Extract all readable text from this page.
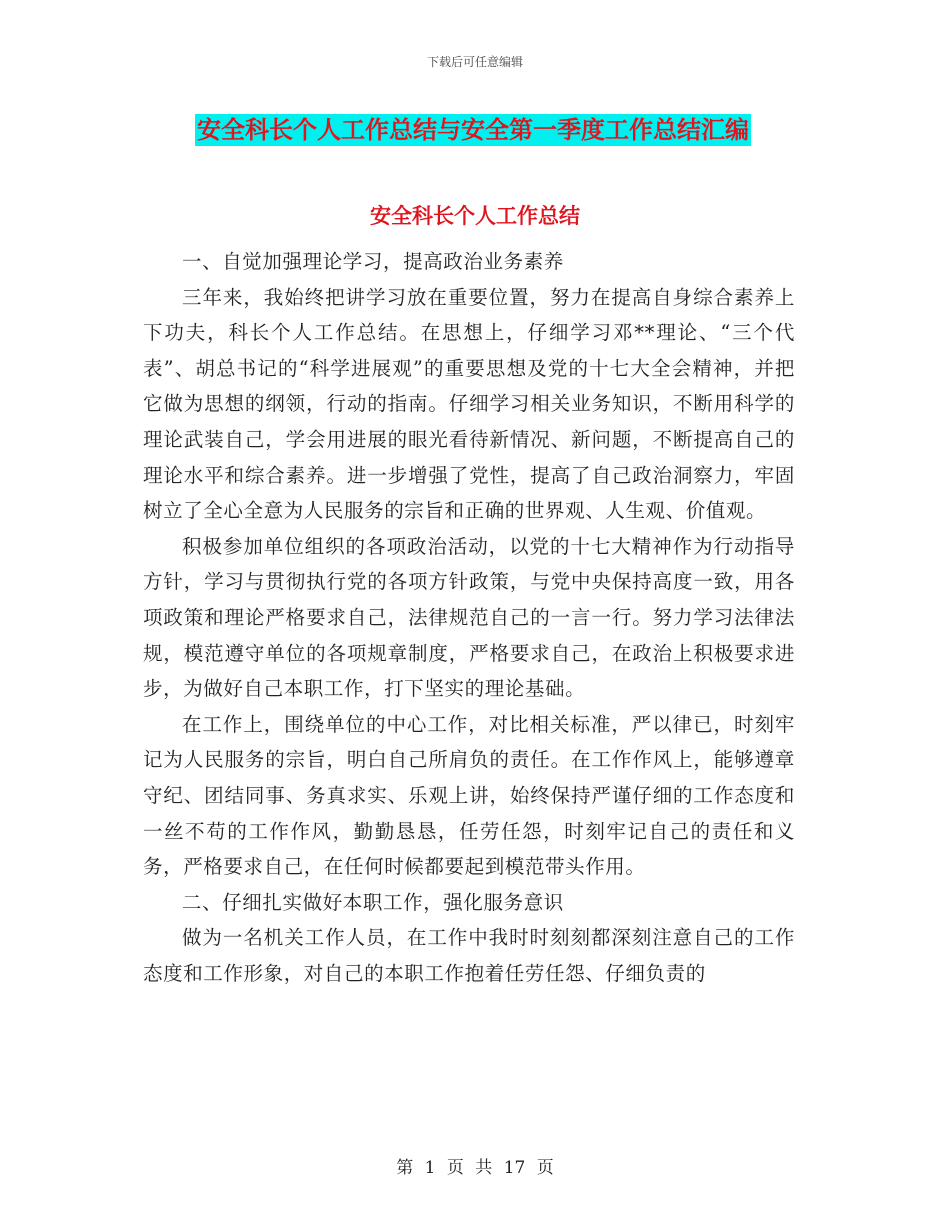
下载后可任意编辑
安全科长个人工作总结与安全第一季度工作总结汇编
安全科长个人工作总结

一、自觉加强理论学习，提高政治业务素养

三年来，我始终把讲学习放在重要位置，努力在提高自身综合素养上下功夫，科长个人工作总结。在思想上，仔细学习邓**理论、“三个代表”、胡总书记的“科学进展观”的重要思想及党的十七大全会精神，并把它做为思想的纲领，行动的指南。仔细学习相关业务知识，不断用科学的理论武装自己，学会用进展的眼光看待新情况、新问题，不断提高自己的理论水平和综合素养。进一步增强了党性，提高了自己政治洞察力，牢固树立了全心全意为人民服务的宗旨和正确的世界观、人生观、价值观。

积极参加单位组织的各项政治活动，以党的十七大精神作为行动指导方针，学习与贯彻执行党的各项方针政策，与党中央保持高度一致，用各项政策和理论严格要求自己，法律规范自己的一言一行。努力学习法律法规，模范遵守单位的各项规章制度，严格要求自己，在政治上积极要求进步，为做好自己本职工作，打下坚实的理论基础。

在工作上，围绕单位的中心工作，对比相关标准，严以律已，时刻牢记为人民服务的宗旨，明白自己所肩负的责任。在工作作风上，能够遵章守纪、团结同事、务真求实、乐观上讲，始终保持严谨仔细的工作态度和一丝不苟的工作作风，勤勤恳恳，任劳任怨，时刻牢记自己的责任和义务，严格要求自己，在任何时候都要起到模范带头作用。

二、仔细扎实做好本职工作，强化服务意识

做为一名机关工作人员，在工作中我时时刻刻都深刻注意自己的工作态度和工作形象，对自己的本职工作抱着任劳任怨、仔细负责的

第 1 页 共 17 页
